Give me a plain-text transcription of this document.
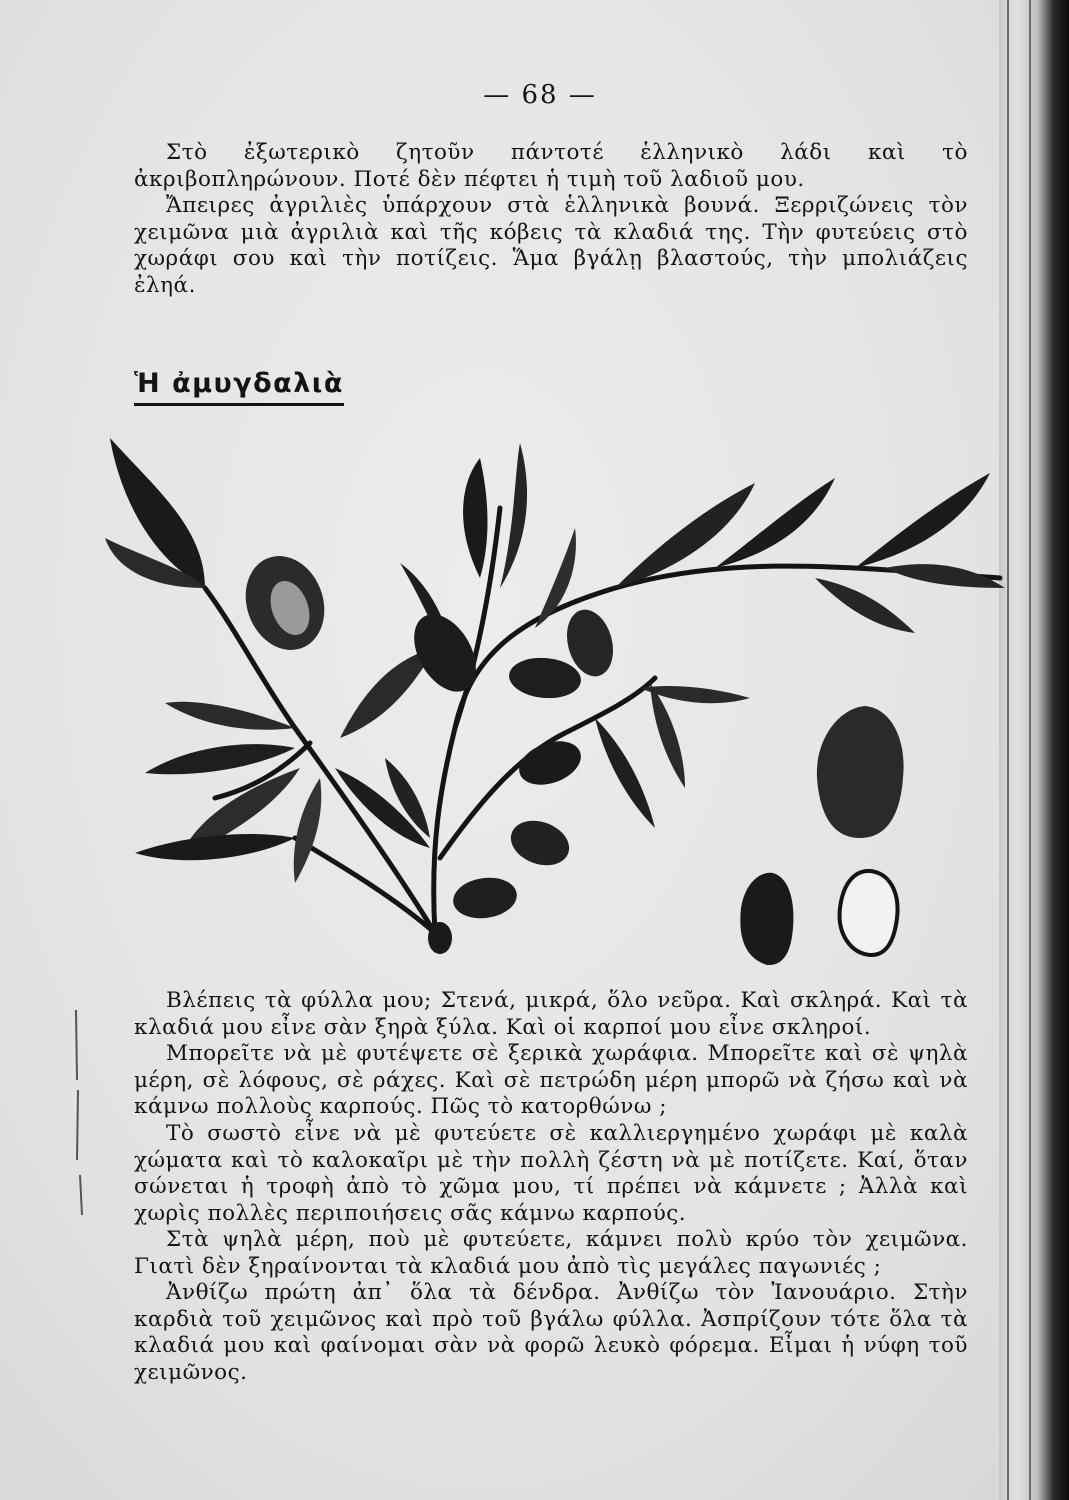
— 68 —
Στὸ ἐξωτερικὸ ζητοῦν πάντοτέ ἑλληνικὸ λάδι καὶ τὸ ἀκριβοπληρώνουν. Ποτέ δὲν πέφτει ἡ τιμὴ τοῦ λαδιοῦ μου.
Ἄπειρες ἀγριλιὲς ὑπάρχουν στὰ ἑλληνικὰ βουνά. Ξερριζώνεις τὸν χειμῶνα μιὰ ἀγριλιὰ καὶ τῆς κόβεις τὰ κλαδιά της. Τὴν φυτεύεις στὸ χωράφι σου καὶ τὴν ποτίζεις. Ἅμα βγάλῃ βλαστούς, τὴν μπολιάζεις ἐληά.
Ἡ ἀμυγδαλιὰ
Βλέπεις τὰ φύλλα μου; Στενά, μικρά, ὅλο νεῦρα. Καὶ σκληρά. Καὶ τὰ κλαδιά μου εἶνε σὰν ξηρὰ ξύλα. Καὶ οἱ καρποί μου εἶνε σκληροί.
Μπορεῖτε νὰ μὲ φυτέψετε σὲ ξερικὰ χωράφια. Μπορεῖτε καὶ σὲ ψηλὰ μέρη, σὲ λόφους, σὲ ράχες. Καὶ σὲ πετρώδη μέρη μπορῶ νὰ ζήσω καὶ νὰ κάμνω πολλοὺς καρπούς. Πῶς τὸ κατορθώνω ;
Τὸ σωστὸ εἶνε νὰ μὲ φυτεύετε σὲ καλλιεργημένο χωράφι μὲ καλὰ χώματα καὶ τὸ καλοκαῖρι μὲ τὴν πολλὴ ζέστη νὰ μὲ ποτίζετε. Καί, ὅταν σώνεται ἡ τροφὴ ἀπὸ τὸ χῶμα μου, τί πρέπει νὰ κάμνετε ; Ἀλλὰ καὶ χωρὶς πολλὲς περιποιήσεις σᾶς κάμνω καρπούς.
Στὰ ψηλὰ μέρη, ποὺ μὲ φυτεύετε, κάμνει πολὺ κρύο τὸν χειμῶνα. Γιατὶ δὲν ξηραίνονται τὰ κλαδιά μου ἀπὸ τὶς μεγάλες παγωνιές ;
Ἀνθίζω πρώτη ἀπ᾽ ὅλα τὰ δένδρα. Ἀνθίζω τὸν Ἰανουάριο. Στὴν καρδιὰ τοῦ χειμῶνος καὶ πρὸ τοῦ βγάλω φύλλα. Ἀσπρίζουν τότε ὅλα τὰ κλαδιά μου καὶ φαίνομαι σὰν νὰ φορῶ λευκὸ φόρεμα. Εἶμαι ἡ νύφη τοῦ χειμῶνος.
